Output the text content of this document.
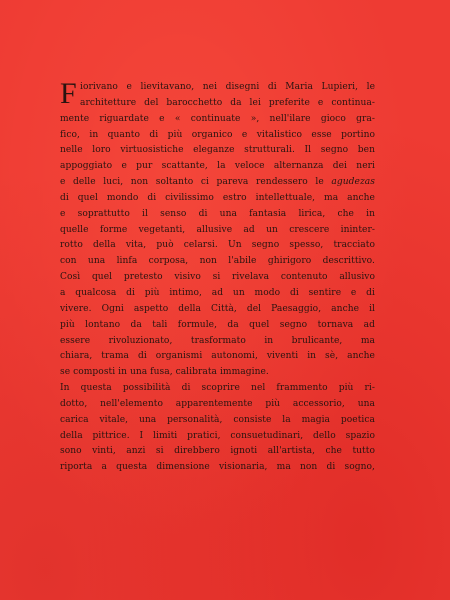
F iorivano e lievitavano, nei disegni di Maria Lupieri, le
architetture del barocchetto da lei preferite e continua-
mente riguardate e « continuate », nell'ilare gioco gra-
fico, in quanto di più organico e vitalistico esse portino
nelle loro virtuosistiche eleganze strutturali. Il segno ben
appoggiato e pur scattante, la veloce alternanza dei neri
e delle luci, non soltanto ci pareva rendessero le agudezas
di quel mondo di civilissimo estro intellettuale, ma anche
e soprattutto il senso di una fantasia lirica, che in
quelle forme vegetanti, allusive ad un crescere ininter-
rotto della vita, può celarsi. Un segno spesso, tracciato
con una linfa corposa, non l'abile ghirigoro descrittivo.
Così quel pretesto visivo si rivelava contenuto allusivo
a qualcosa di più intimo, ad un modo di sentire e di
vivere. Ogni aspetto della Città, del Paesaggio, anche il
più lontano da tali formule, da quel segno tornava ad
essere rivoluzionato, trasformato in brulicante, ma
chiara, trama di organismi autonomi, viventi in sè, anche
se composti in una fusa, calibrata immagine.
In questa possibilità di scoprire nel frammento più ri-
dotto, nell'elemento apparentemente più accessorio, una
carica vitale, una personalità, consiste la magia poetica
della pittrice. I limiti pratici, consuetudinari, dello spazio
sono vinti, anzi si direbbero ignoti all'artista, che tutto
riporta a questa dimensione visionaria, ma non di sogno,
